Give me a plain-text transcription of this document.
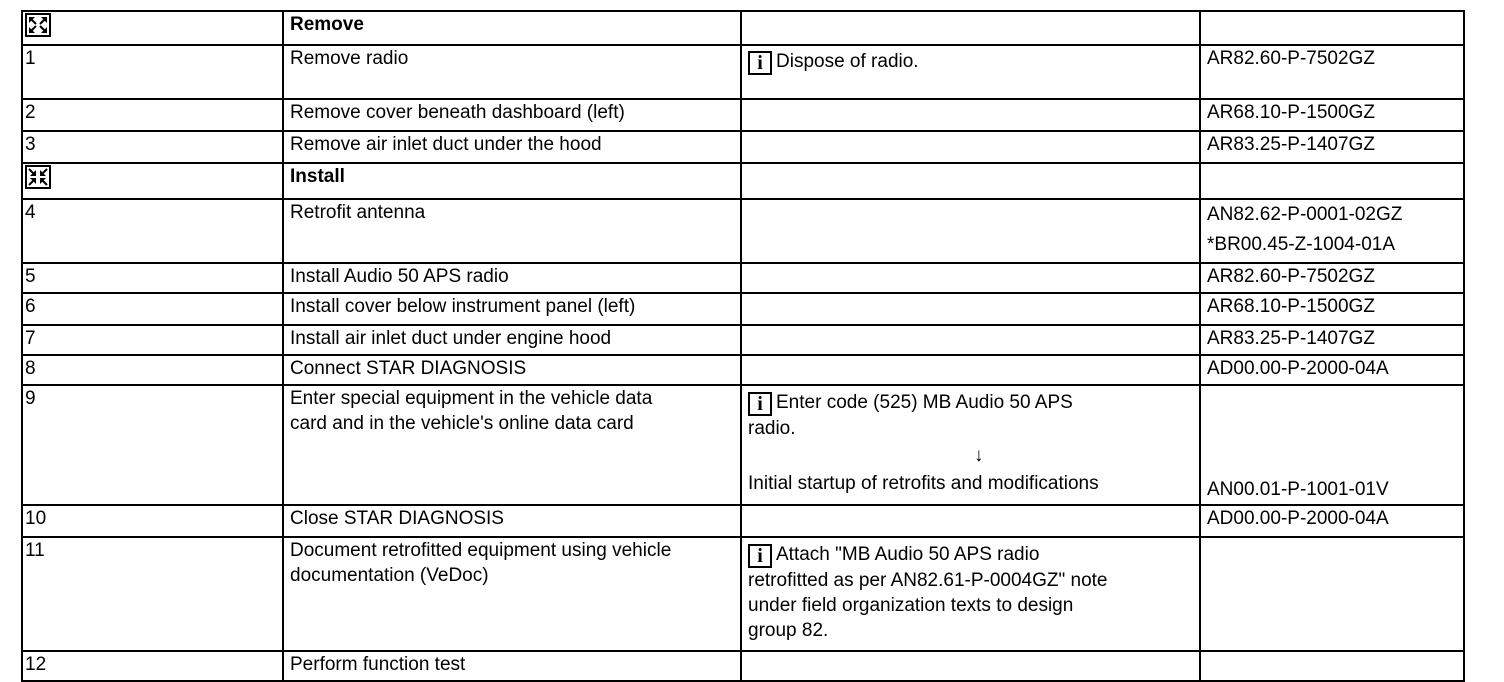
	Remove		
1	Remove radio	i Dispose of radio.	AR82.60-P-7502GZ
2	Remove cover beneath dashboard (left)		AR68.10-P-1500GZ
3	Remove air inlet duct under the hood		AR83.25-P-1407GZ

	Install		
4	Retrofit antenna		AN82.62-P-0001-02GZ
*BR00.45-Z-1004-01A

5	Install Audio 50 APS radio		AR82.60-P-7502GZ
6	Install cover below instrument panel (left)		AR68.10-P-1500GZ
7	Install air inlet duct under engine hood		AR83.25-P-1407GZ
8	Connect STAR DIAGNOSIS		AD00.00-P-2000-04A
9	Enter special equipment in the vehicle data
card and in the vehicle's online data card	i Enter code (525) MB Audio 50 APS
radio.
↓
Initial startup of retrofits and modifications	AN00.01-P-1001-01V

10	Close STAR DIAGNOSIS		AD00.00-P-2000-04A
11	Document retrofitted equipment using vehicle
documentation (VeDoc)	i Attach "MB Audio 50 APS radio
retrofitted as per AN82.61-P-0004GZ" note
under field organization texts to design
group 82.	

12	Perform function test		
